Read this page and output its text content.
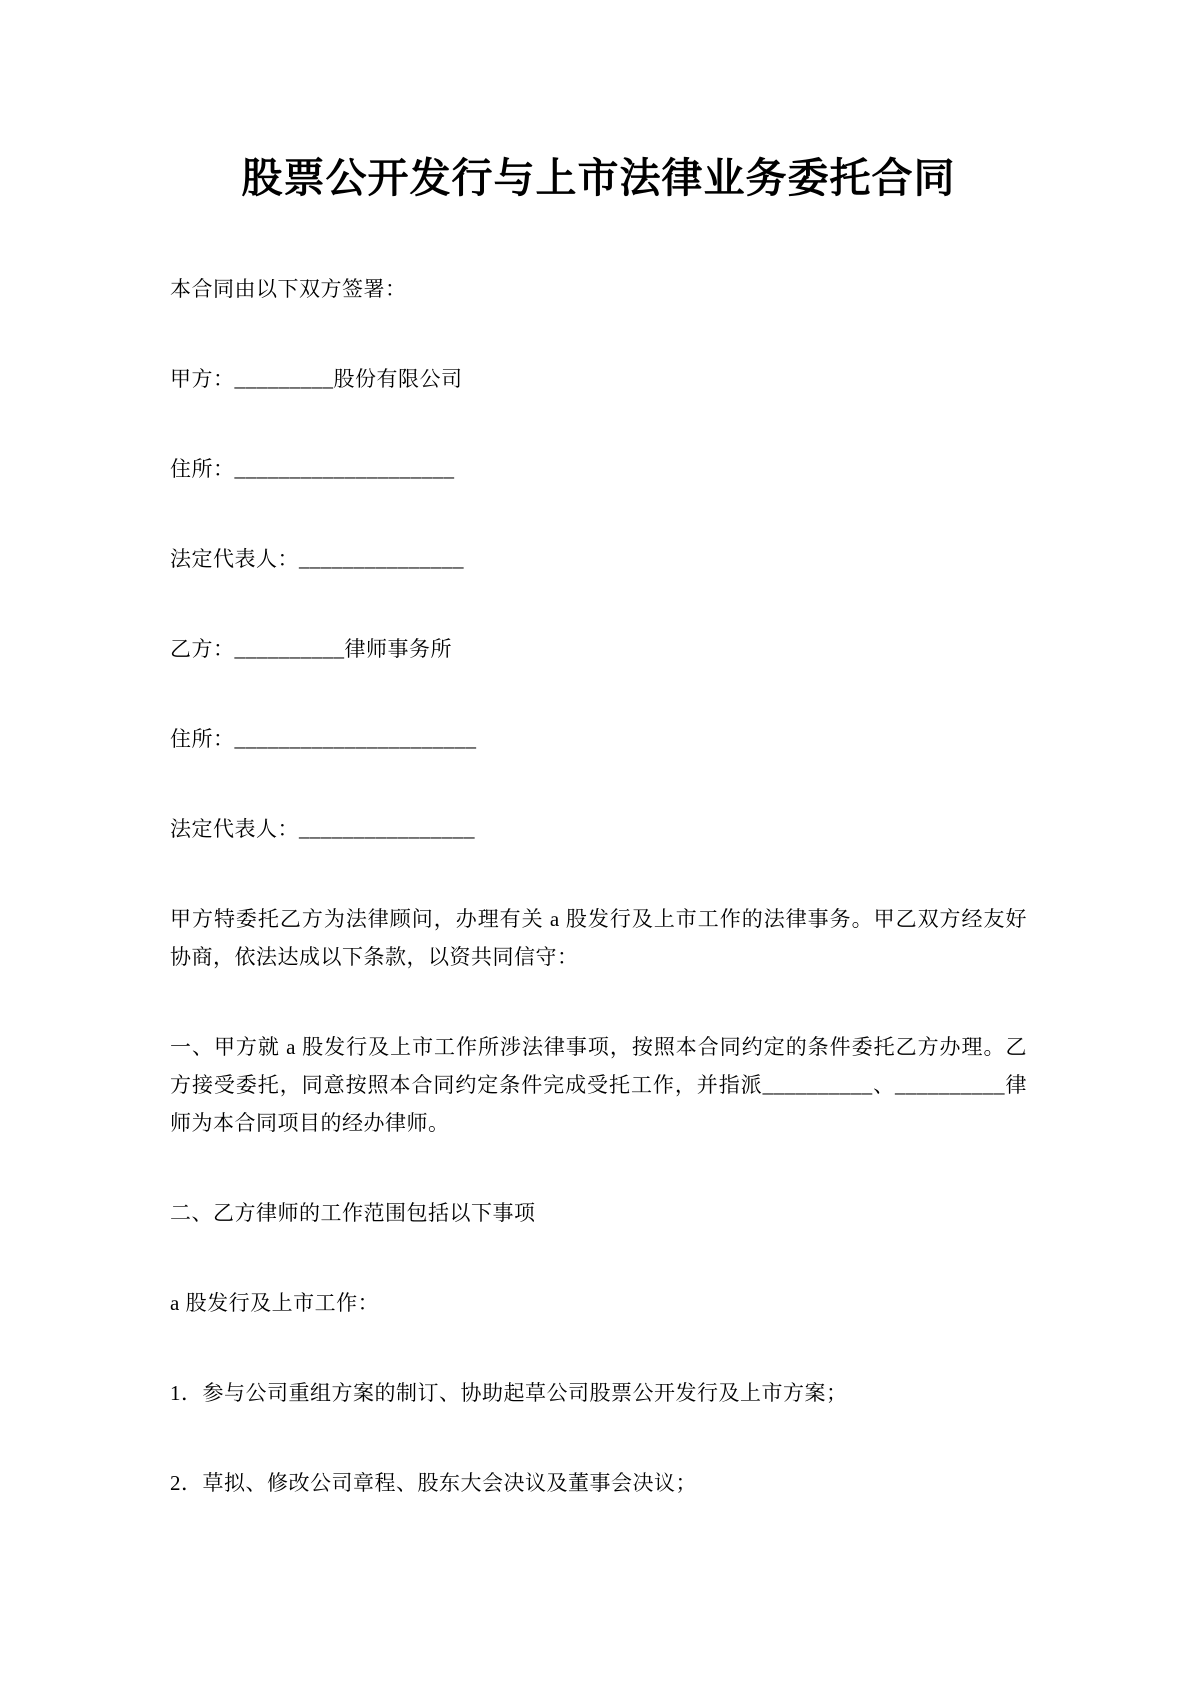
股票公开发行与上市法律业务委托合同

本合同由以下双方签署：

甲方：_________股份有限公司

住所：____________________

法定代表人：_______________

乙方：__________律师事务所

住所：______________________

法定代表人：________________

甲方特委托乙方为法律顾问，办理有关 a 股发行及上市工作的法律事务。甲乙双方经友好协商，依法达成以下条款，以资共同信守：

一、甲方就 a 股发行及上市工作所涉法律事项，按照本合同约定的条件委托乙方办理。乙方接受委托，同意按照本合同约定条件完成受托工作，并指派__________、__________律师为本合同项目的经办律师。

二、乙方律师的工作范围包括以下事项

a 股发行及上市工作：

1．参与公司重组方案的制订、协助起草公司股票公开发行及上市方案；

2．草拟、修改公司章程、股东大会决议及董事会决议；
